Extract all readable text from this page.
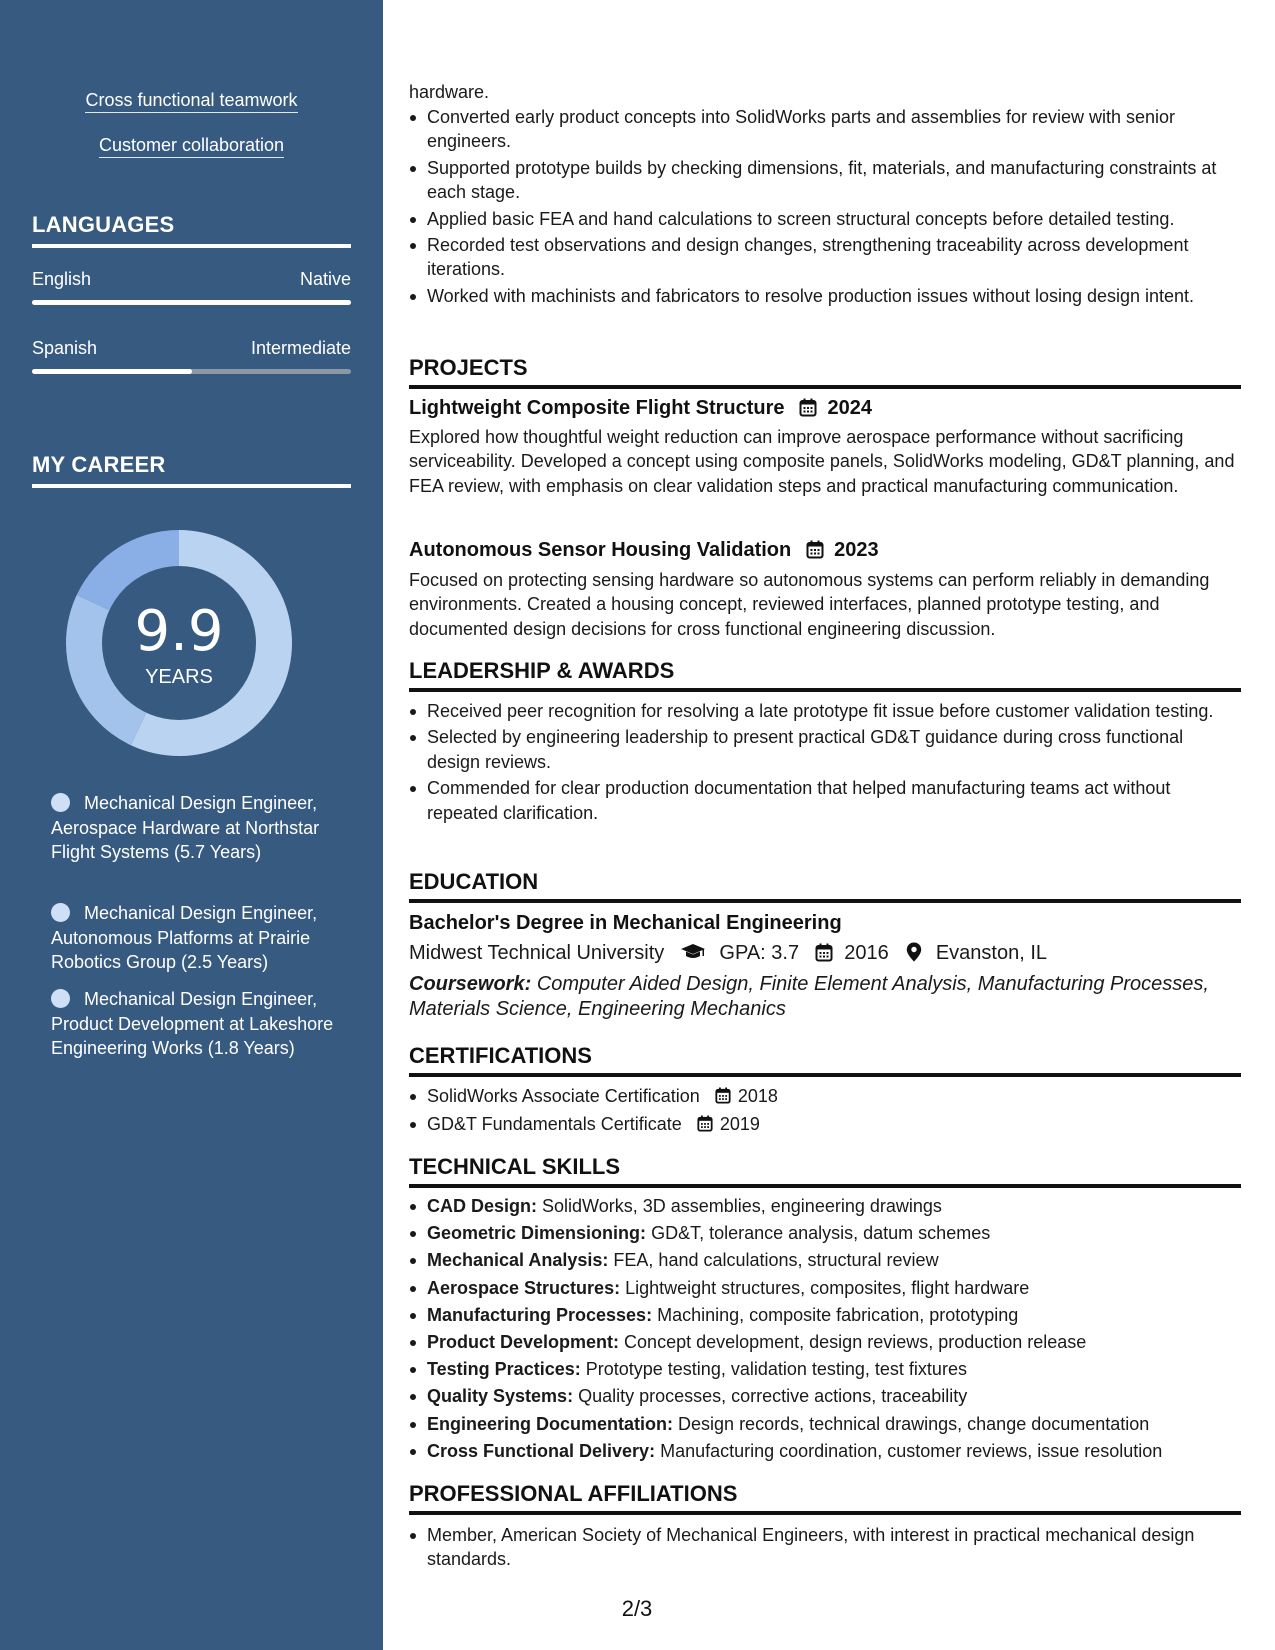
Cross functional teamwork
Customer collaboration
LANGUAGES
English	Native
Spanish	Intermediate
MY CAREER
9.9
YEARS
Mechanical Design Engineer, Aerospace Hardware at Northstar Flight Systems (5.7 Years)
Mechanical Design Engineer, Autonomous Platforms at Prairie Robotics Group (2.5 Years)
Mechanical Design Engineer, Product Development at Lakeshore Engineering Works (1.8 Years)
hardware.
Converted early product concepts into SolidWorks parts and assemblies for review with senior engineers.
Supported prototype builds by checking dimensions, fit, materials, and manufacturing constraints at each stage.
Applied basic FEA and hand calculations to screen structural concepts before detailed testing.
Recorded test observations and design changes, strengthening traceability across development iterations.
Worked with machinists and fabricators to resolve production issues without losing design intent.
PROJECTS
Lightweight Composite Flight Structure 2024
Explored how thoughtful weight reduction can improve aerospace performance without sacrificing serviceability. Developed a concept using composite panels, SolidWorks modeling, GD&T planning, and FEA review, with emphasis on clear validation steps and practical manufacturing communication.
Autonomous Sensor Housing Validation 2023
Focused on protecting sensing hardware so autonomous systems can perform reliably in demanding environments. Created a housing concept, reviewed interfaces, planned prototype testing, and documented design decisions for cross functional engineering discussion.
LEADERSHIP & AWARDS
Received peer recognition for resolving a late prototype fit issue before customer validation testing.
Selected by engineering leadership to present practical GD&T guidance during cross functional design reviews.
Commended for clear production documentation that helped manufacturing teams act without repeated clarification.
EDUCATION
Bachelor's Degree in Mechanical Engineering
Midwest Technical University	GPA: 3.7 2016 Evanston, IL
Coursework: Computer Aided Design, Finite Element Analysis, Manufacturing Processes, Materials Science, Engineering Mechanics
CERTIFICATIONS
SolidWorks Associate Certification 2018
GD&T Fundamentals Certificate 2019
TECHNICAL SKILLS
CAD Design: SolidWorks, 3D assemblies, engineering drawings
Geometric Dimensioning: GD&T, tolerance analysis, datum schemes
Mechanical Analysis: FEA, hand calculations, structural review
Aerospace Structures: Lightweight structures, composites, flight hardware
Manufacturing Processes: Machining, composite fabrication, prototyping
Product Development: Concept development, design reviews, production release
Testing Practices: Prototype testing, validation testing, test fixtures
Quality Systems: Quality processes, corrective actions, traceability
Engineering Documentation: Design records, technical drawings, change documentation
Cross Functional Delivery: Manufacturing coordination, customer reviews, issue resolution
PROFESSIONAL AFFILIATIONS
Member, American Society of Mechanical Engineers, with interest in practical mechanical design standards.
2/3
